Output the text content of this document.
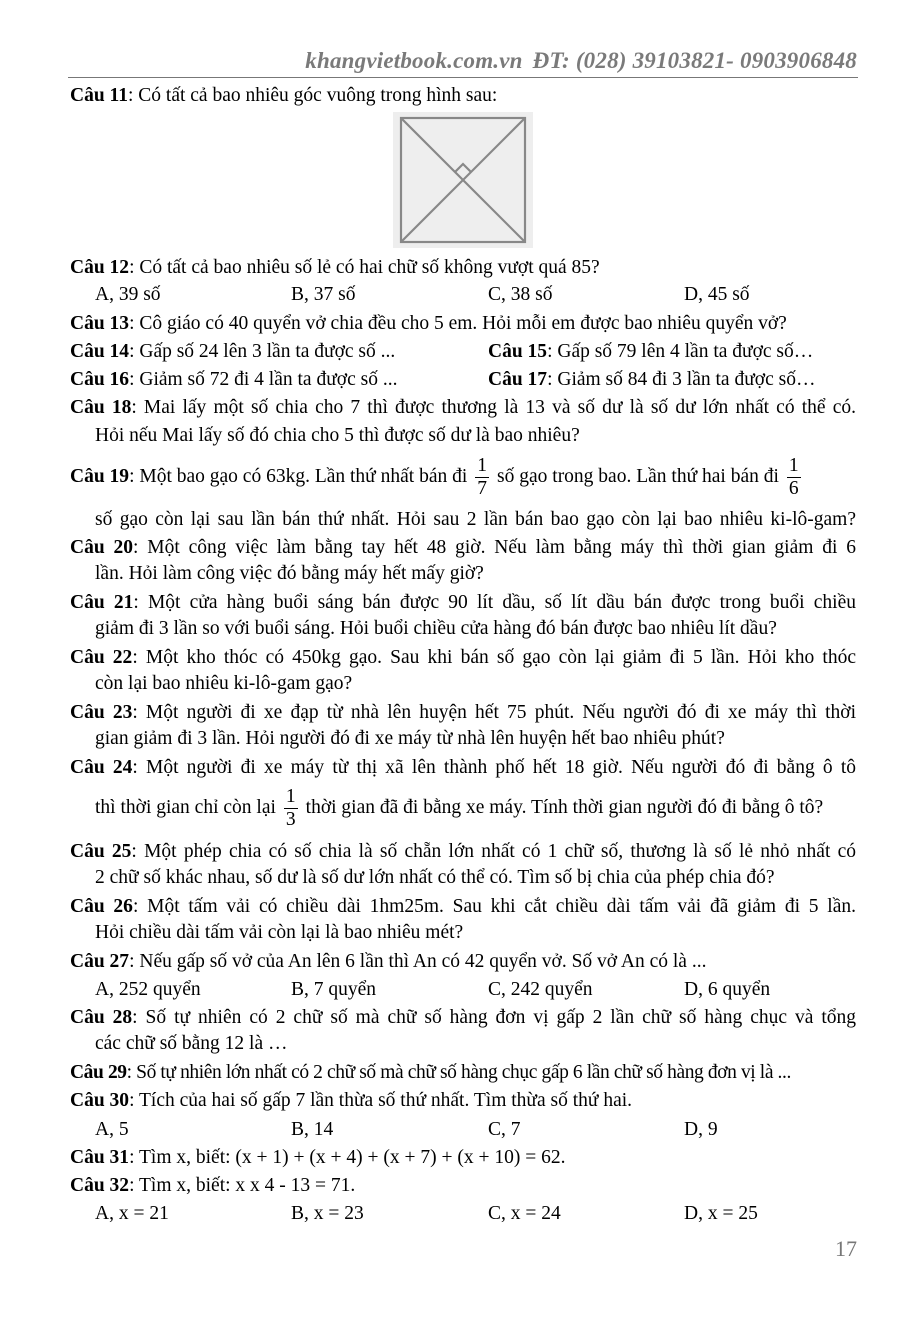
khangvietbook.com.vn ĐT: (028) 39103821- 0903906848
Câu 11: Có tất cả bao nhiêu góc vuông trong hình sau:
Câu 12: Có tất cả bao nhiêu số lẻ có hai chữ số không vượt quá 85?
A, 39 số	B, 37 số	C, 38 số	D, 45 số
Câu 13: Cô giáo có 40 quyển vở chia đều cho 5 em. Hỏi mỗi em được bao nhiêu quyển vở?
Câu 14: Gấp số 24 lên 3 lần ta được số ...	Câu 15: Gấp số 79 lên 4 lần ta được số…
Câu 16: Giảm số 72 đi 4 lần ta được số ...	Câu 17: Giảm số 84 đi 3 lần ta được số…
Câu 18: Mai lấy một số chia cho 7 thì được thương là 13 và số dư là số dư lớn nhất có thể có.
Hỏi nếu Mai lấy số đó chia cho 5 thì được số dư là bao nhiêu?
Câu 19: Một bao gạo có 63kg. Lần thứ nhất bán đi $\frac{1}{7}$ số gạo trong bao. Lần thứ hai bán đi $\frac{1}{6}$
số gạo còn lại sau lần bán thứ nhất. Hỏi sau 2 lần bán bao gạo còn lại bao nhiêu ki-lô-gam?
Câu 20: Một công việc làm bằng tay hết 48 giờ. Nếu làm bằng máy thì thời gian giảm đi 6
lần. Hỏi làm công việc đó bằng máy hết mấy giờ?
Câu 21: Một cửa hàng buổi sáng bán được 90 lít dầu, số lít dầu bán được trong buổi chiều
giảm đi 3 lần so với buổi sáng. Hỏi buổi chiều cửa hàng đó bán được bao nhiêu lít dầu?
Câu 22: Một kho thóc có 450kg gạo. Sau khi bán số gạo còn lại giảm đi 5 lần. Hỏi kho thóc
còn lại bao nhiêu ki-lô-gam gạo?
Câu 23: Một người đi xe đạp từ nhà lên huyện hết 75 phút. Nếu người đó đi xe máy thì thời
gian giảm đi 3 lần. Hỏi người đó đi xe máy từ nhà lên huyện hết bao nhiêu phút?
Câu 24: Một người đi xe máy từ thị xã lên thành phố hết 18 giờ. Nếu người đó đi bằng ô tô
thì thời gian chỉ còn lại $\frac{1}{3}$ thời gian đã đi bằng xe máy. Tính thời gian người đó đi bằng ô tô?
Câu 25: Một phép chia có số chia là số chẵn lớn nhất có 1 chữ số, thương là số lẻ nhỏ nhất có
2 chữ số khác nhau, số dư là số dư lớn nhất có thể có. Tìm số bị chia của phép chia đó?
Câu 26: Một tấm vải có chiều dài 1hm25m. Sau khi cắt chiều dài tấm vải đã giảm đi 5 lần.
Hỏi chiều dài tấm vải còn lại là bao nhiêu mét?
Câu 27: Nếu gấp số vở của An lên 6 lần thì An có 42 quyển vở. Số vở An có là ...
A, 252 quyển	B, 7 quyển	C, 242 quyển	D, 6 quyển
Câu 28: Số tự nhiên có 2 chữ số mà chữ số hàng đơn vị gấp 2 lần chữ số hàng chục và tổng
các chữ số bằng 12 là …
Câu 29: Số tự nhiên lớn nhất có 2 chữ số mà chữ số hàng chục gấp 6 lần chữ số hàng đơn vị là ...
Câu 30: Tích của hai số gấp 7 lần thừa số thứ nhất. Tìm thừa số thứ hai.
A, 5	B, 14	C, 7	D, 9
Câu 31: Tìm x, biết: (x + 1) + (x + 4) + (x + 7) + (x + 10) = 62.
Câu 32: Tìm x, biết: x x 4 - 13 = 71.
A, x = 21	B, x = 23	C, x = 24	D, x = 25
17
